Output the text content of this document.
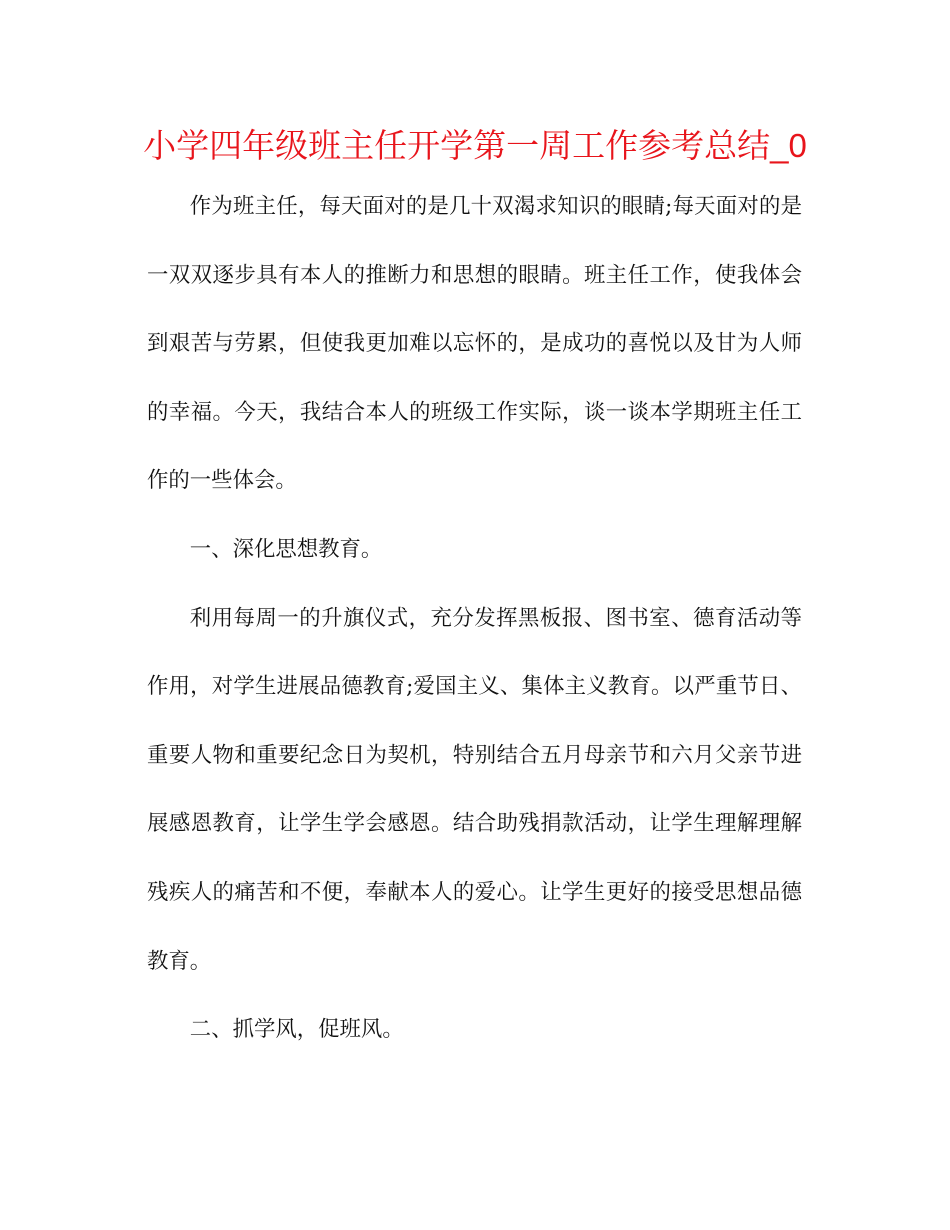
小学四年级班主任开学第一周工作参考总结_0

作为班主任，每天面对的是几十双渴求知识的眼睛;每天面对的是一双双逐步具有本人的推断力和思想的眼睛。班主任工作，使我体会到艰苦与劳累，但使我更加难以忘怀的，是成功的喜悦以及甘为人师的幸福。今天，我结合本人的班级工作实际，谈一谈本学期班主任工作的一些体会。

一、深化思想教育。

利用每周一的升旗仪式，充分发挥黑板报、图书室、德育活动等作用，对学生进展品德教育;爱国主义、集体主义教育。以严重节日、重要人物和重要纪念日为契机，特别结合五月母亲节和六月父亲节进展感恩教育，让学生学会感恩。结合助残捐款活动，让学生理解理解残疾人的痛苦和不便，奉献本人的爱心。让学生更好的接受思想品德教育。

二、抓学风，促班风。
